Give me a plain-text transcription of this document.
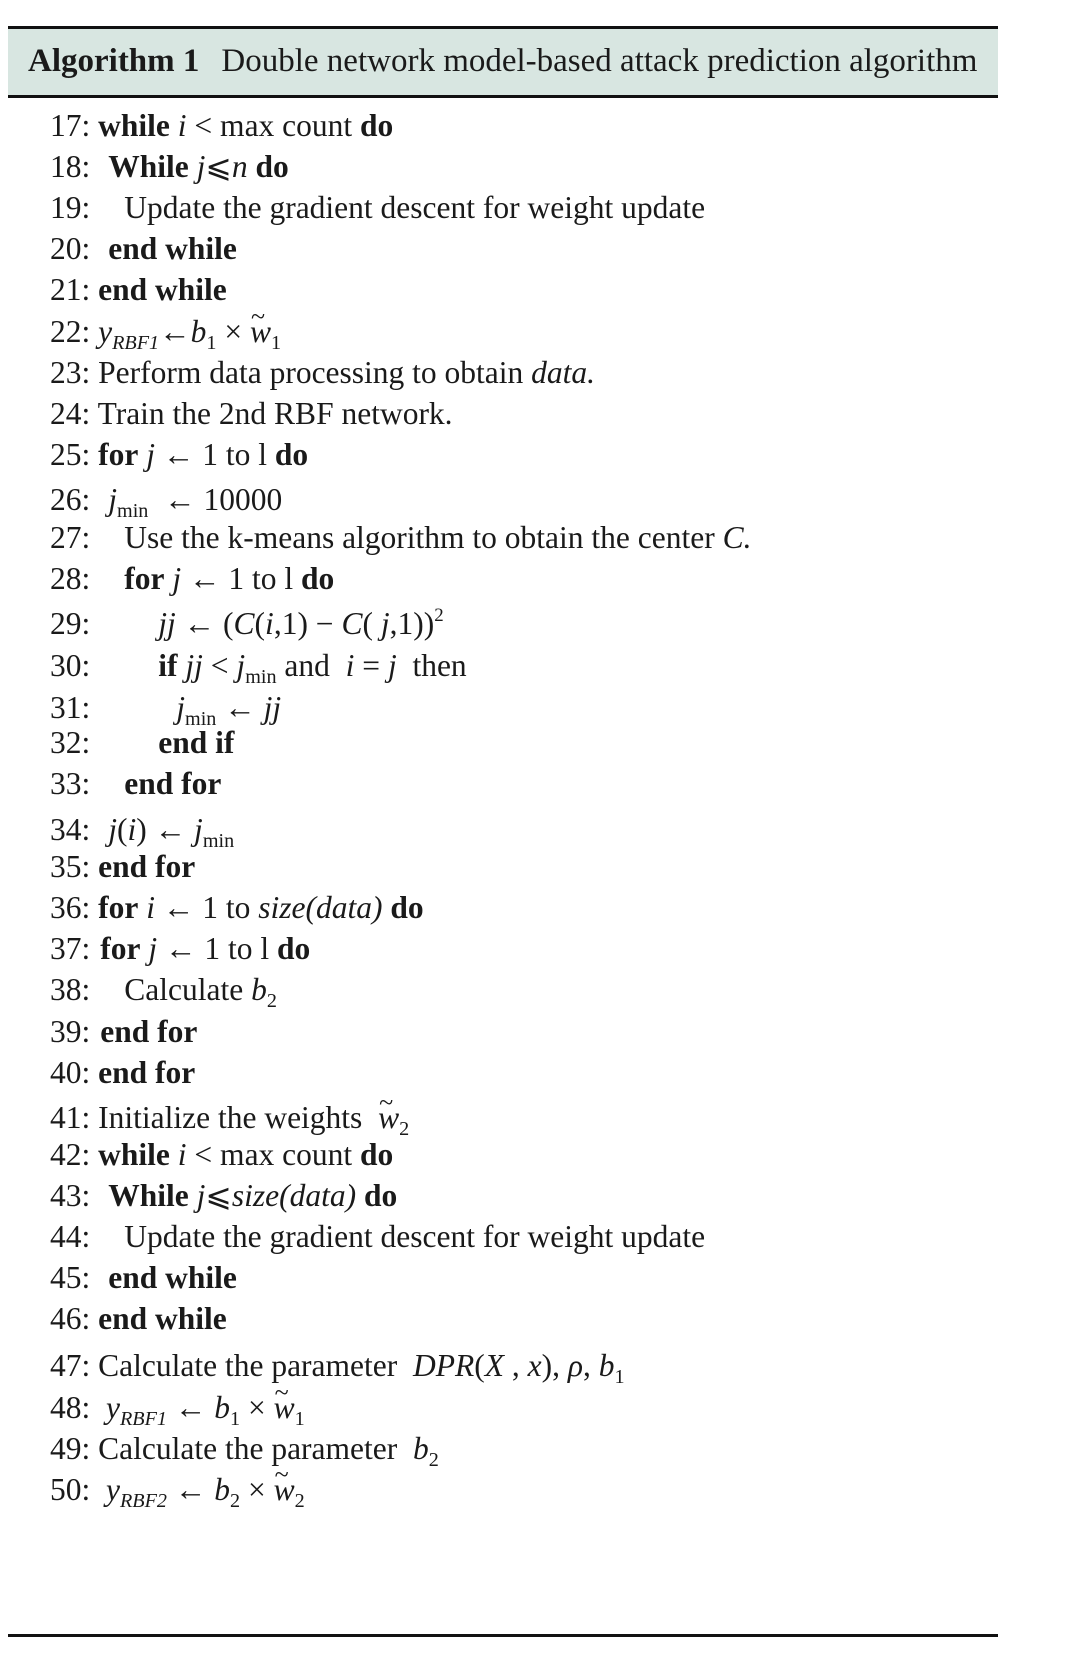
Algorithm 1 Double network model-based attack prediction algorithm
17: while i < max count do
18: While j⩽n do
19: Update the gradient descent for weight update
20: end while
21: end while
22: $y_{RBF1}\leftarrow b_1$ × ~ $w_1$
23: Perform data processing to obtain data.
24: Train the 2nd RBF network.
25: for j ← 1 to l do
26: $j_{min}$  ← 10000
27: Use the k-means algorithm to obtain the center C.
28: for j ← 1 to l do
29: jj ← (C(i,1) − C( j,1))$^2$
30: if jj < $j_{min}$ and  i = j  then
31:	$j_{min}$ ← jj
32: end if
33: end for
34: j(i) ← $j_{min}$
35: end for
36: for i ← 1 to size(data) do
37: for j ← 1 to l do
38: Calculate $b_2$
39: end for
40: end for
41: Initialize the weights  ~ $w_2$
42: while i < max count do
43: While j⩽size(data) do
44: Update the gradient descent for weight update
45: end while
46: end while
47: Calculate the parameter DPR(X , x), ρ, $b_1$
48: $y_{RBF1}$ ← $b_1$ × ~ $w_1$
49: Calculate the parameter $b_2$
50: $y_{RBF2}$ ← $b_2$ × ~ $w_2$
